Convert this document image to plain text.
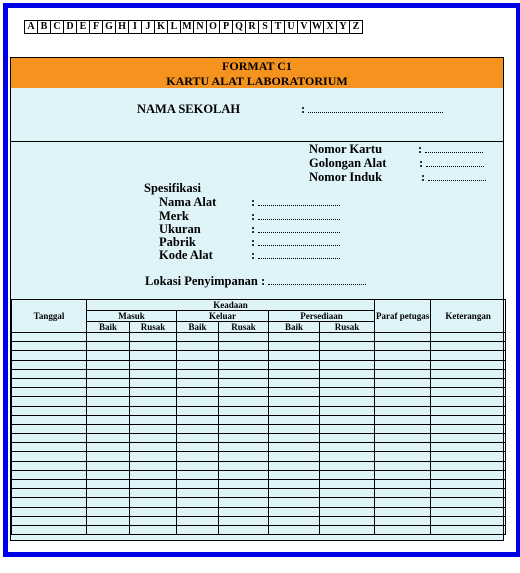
A B C D E F G H I J K L M N O P Q R S T U V W X Y Z
FORMAT C1
KARTU ALAT LABORATORIUM
NAMA SEKOLAH	:
Nomor Kartu	:
Golongan Alat	:
Nomor Induk	:
Spesifikasi
Nama Alat	:
Merk	:
Ukuran	:
Pabrik	:
Kode Alat	:
Lokasi Penyimpanan :
Tanggal	Keadaan						Paraf petugas	Keterangan
	Masuk		Keluar		Persediaan			
	Baik	Rusak	Baik	Rusak	Baik	Rusak		
